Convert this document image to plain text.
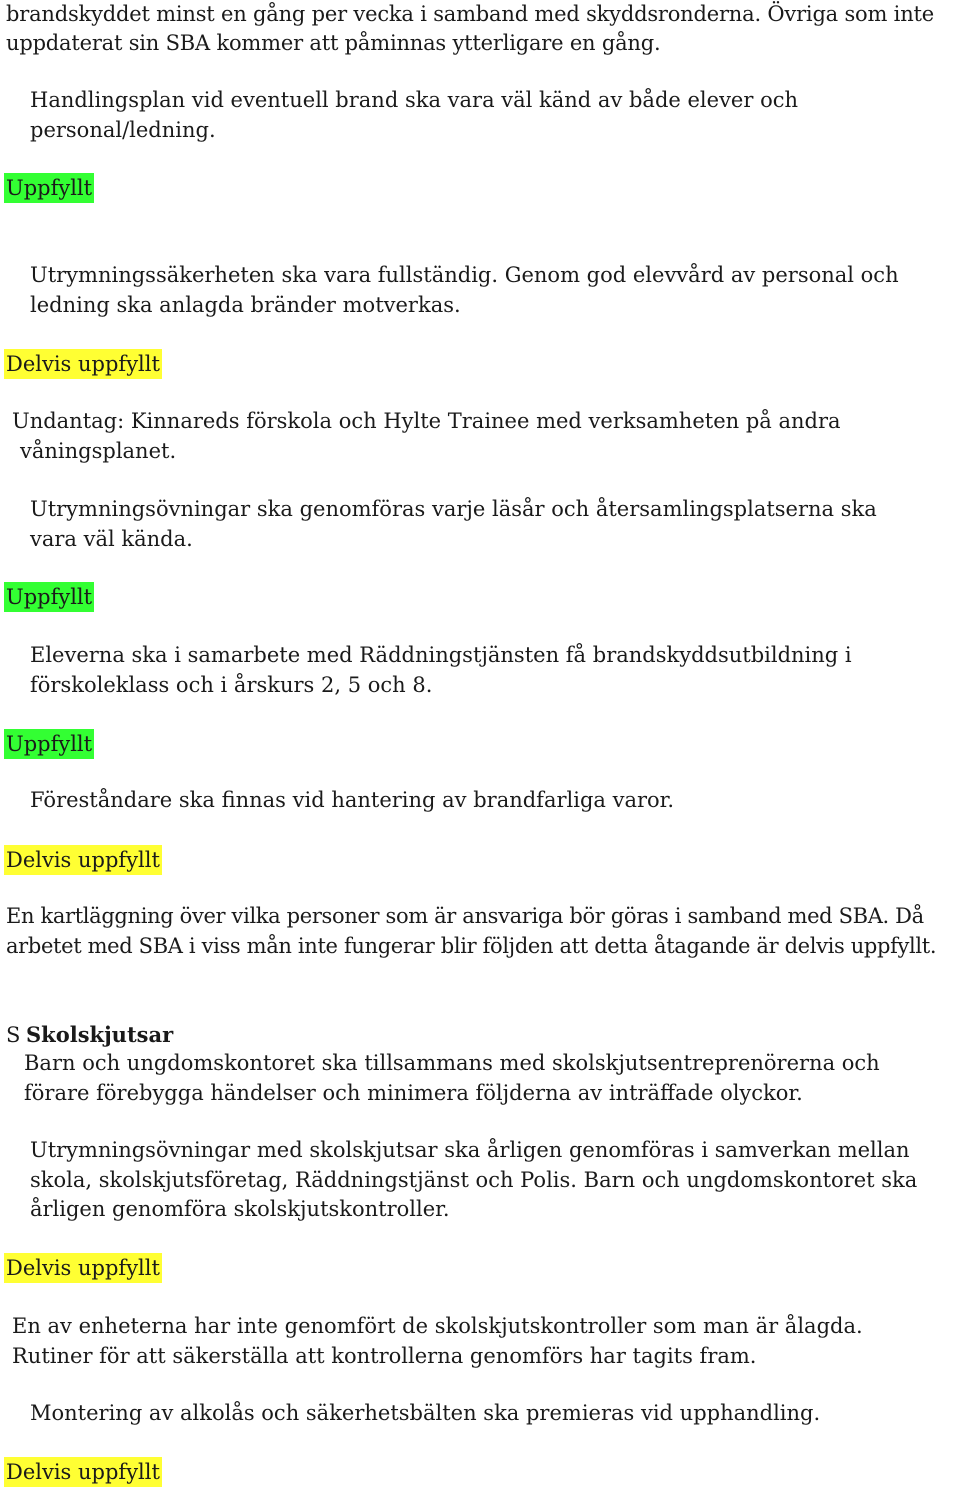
brandskyddet minst en gång per vecka i samband med skyddsronderna. Övriga som inte

uppdaterat sin SBA kommer att påminnas ytterligare en gång.

Handlingsplan vid eventuell brand ska vara väl känd av både elever och personal/ledning.

Uppfyllt

Utrymningssäkerheten ska vara fullständig. Genom god elevvård av personal och ledning ska anlagda bränder motverkas.

Delvis uppfyllt

Undantag: Kinnareds förskola och Hylte Trainee med verksamheten på andra våningsplanet.

Utrymningsövningar ska genomföras varje läsår och återsamlingsplatserna ska vara väl kända.

Uppfyllt

Eleverna ska i samarbete med Räddningstjänsten få brandskyddsutbildning i förskoleklass och i årskurs 2, 5 och 8.

Uppfyllt

Föreståndare ska finnas vid hantering av brandfarliga varor.

Delvis uppfyllt

En kartläggning över vilka personer som är ansvariga bör göras i samband med SBA. Då arbetet med SBA i viss mån inte fungerar blir följden att detta åtagande är delvis uppfyllt.

S Skolskjutsar

Barn och ungdomskontoret ska tillsammans med skolskjutsentreprenörerna och förare förebygga händelser och minimera följderna av inträffade olyckor.

Utrymningsövningar med skolskjutsar ska årligen genomföras i samverkan mellan skola, skolskjutsföretag, Räddningstjänst och Polis. Barn och ungdomskontoret ska årligen genomföra skolskjutskontroller.

Delvis uppfyllt

En av enheterna har inte genomfört de skolskjutskontroller som man är ålagda. Rutiner för att säkerställa att kontrollerna genomförs har tagits fram.

Montering av alkolås och säkerhetsbälten ska premieras vid upphandling.

Delvis uppfyllt
